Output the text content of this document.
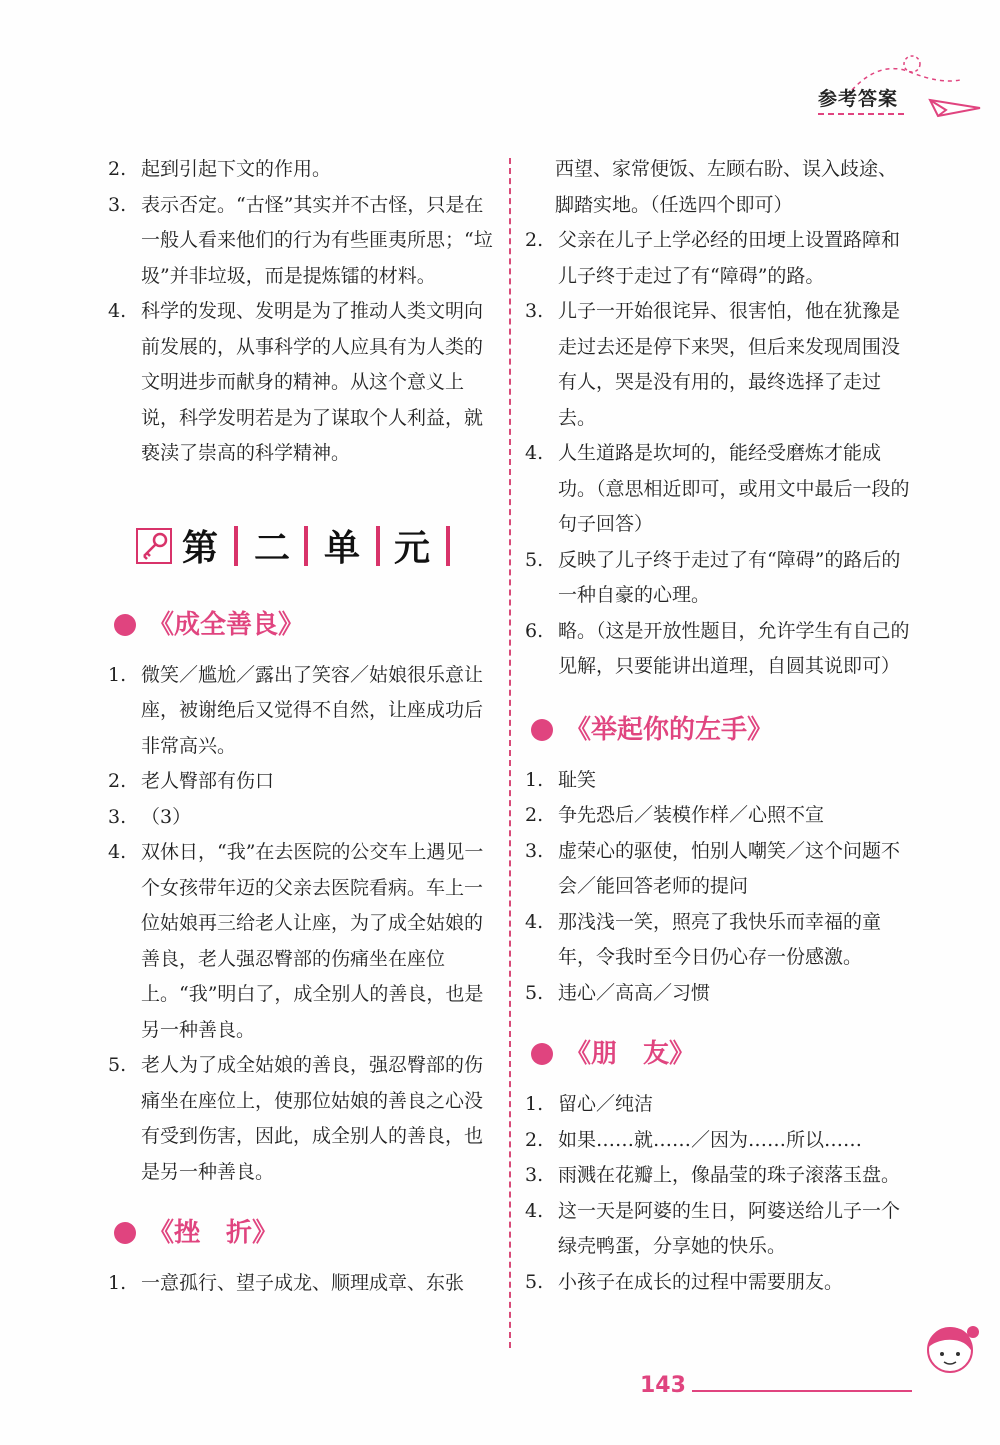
参考答案
2. 起到引起下文的作用。
3. 表示否定。“古怪”其实并不古怪，只是在一般人看来他们的行为有些匪夷所思；“垃圾”并非垃圾，而是提炼镭的材料。
4. 科学的发现、发明是为了推动人类文明向前发展的，从事科学的人应具有为人类的文明进步而献身的精神。从这个意义上说，科学发明若是为了谋取个人利益，就亵渎了崇高的科学精神。
第 二 单 元
《成全善良》
1. 微笑／尴尬／露出了笑容／姑娘很乐意让座，被谢绝后又觉得不自然，让座成功后非常高兴。
2. 老人臀部有伤口
3. （3）
4. 双休日，“我”在去医院的公交车上遇见一个女孩带年迈的父亲去医院看病。车上一位姑娘再三给老人让座，为了成全姑娘的善良，老人强忍臀部的伤痛坐在座位上。“我”明白了，成全别人的善良，也是另一种善良。
5. 老人为了成全姑娘的善良，强忍臀部的伤痛坐在座位上，使那位姑娘的善良之心没有受到伤害，因此，成全别人的善良，也是另一种善良。
《挫　折》
1. 一意孤行、望子成龙、顺理成章、东张
西望、家常便饭、左顾右盼、误入歧途、脚踏实地。（任选四个即可）
2. 父亲在儿子上学必经的田埂上设置路障和儿子终于走过了有“障碍”的路。
3. 儿子一开始很诧异、很害怕，他在犹豫是走过去还是停下来哭，但后来发现周围没有人，哭是没有用的，最终选择了走过去。
4. 人生道路是坎坷的，能经受磨炼才能成功。（意思相近即可，或用文中最后一段的句子回答）
5. 反映了儿子终于走过了有“障碍”的路后的一种自豪的心理。
6. 略。（这是开放性题目，允许学生有自己的见解，只要能讲出道理，自圆其说即可）
《举起你的左手》
1. 耻笑
2. 争先恐后／装模作样／心照不宣
3. 虚荣心的驱使，怕别人嘲笑／这个问题不会／能回答老师的提问
4. 那浅浅一笑，照亮了我快乐而幸福的童年，令我时至今日仍心存一份感激。
5. 违心／高高／习惯
《朋　友》
1. 留心／纯洁
2. 如果……就……／因为……所以……
3. 雨溅在花瓣上，像晶莹的珠子滚落玉盘。
4. 这一天是阿婆的生日，阿婆送给儿子一个绿壳鸭蛋，分享她的快乐。
5. 小孩子在成长的过程中需要朋友。
143
